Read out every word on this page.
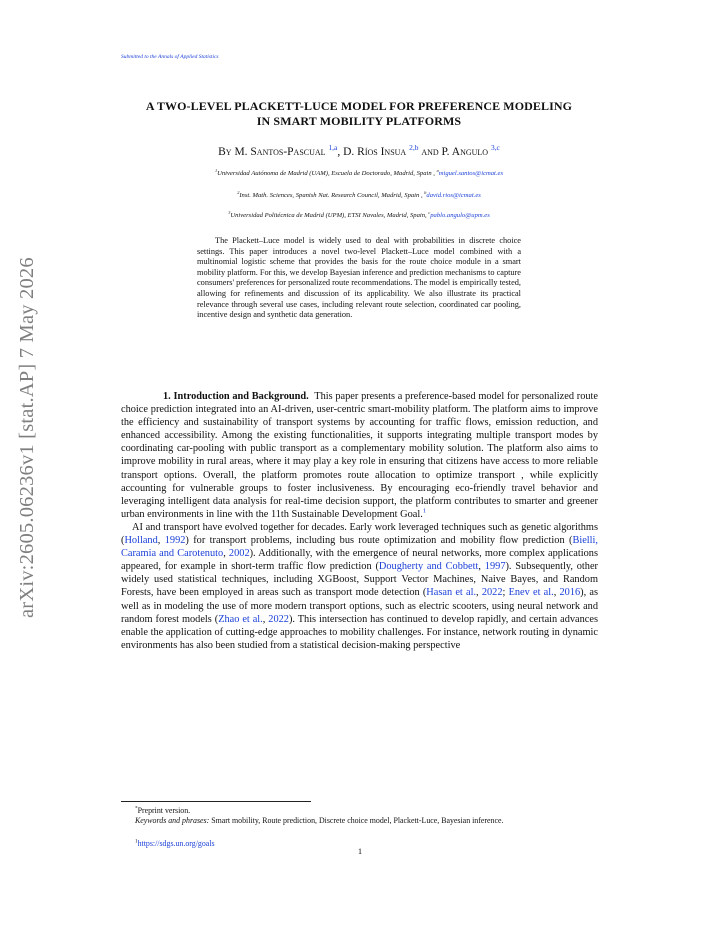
arXiv:2605.06236v1 [stat.AP] 7 May 2026
Submitted to the Annals of Applied Statistics
A TWO-LEVEL PLACKETT-LUCE MODEL FOR PREFERENCE MODELING
IN SMART MOBILITY PLATFORMS
By M. Santos-Pascual $^{1,a}$, D. Ríos Insua $^{2,b}$ and P. Angulo $^{3,c}$
$^1$Universidad Autónoma de Madrid (UAM), Escuela de Doctorado, Madrid, Spain , $^a$miguel.santos@icmat.es
$^2$Inst. Math. Sciences, Spanish Nat. Research Council, Madrid, Spain , $^b$david.rios@icmat.es
$^3$Universidad Politécnica de Madrid (UPM), ETSI Navales, Madrid, Spain, $^c$pablo.angulo@upm.es

The Plackett–Luce model is widely used to deal with probabilities in discrete choice settings. This paper introduces a novel two-level Plackett–Luce model combined with a multinomial logistic scheme that provides the basis for the route choice module in a smart mobility platform. For this, we develop Bayesian inference and prediction mechanisms to capture consumers' preferences for personalized route recommendations. The model is empirically tested, allowing for refinements and discussion of its applicability. We also illustrate its practical relevance through several use cases, including relevant route selection, coordinated car pooling, incentive design and synthetic data generation.

1. Introduction and Background. This paper presents a preference-based model for personalized route choice prediction integrated into an AI-driven, user-centric smart-mobility platform. The platform aims to improve the efficiency and sustainability of transport systems by accounting for traffic flows, emission reduction, and enhanced accessibility. Among the existing functionalities, it supports integrating multiple transport modes by coordinating car-pooling with public transport as a complementary mobility solution. The platform also aims to improve mobility in rural areas, where it may play a key role in ensuring that citizens have access to more reliable transport options. Overall, the platform promotes route allocation to optimize transport , while explicitly accounting for vulnerable groups to foster inclusiveness. By encouraging eco-friendly travel behavior and leveraging intelligent data analysis for real-time decision support, the platform contributes to smarter and greener urban environments in line with the 11th Sustainable Development Goal.$^1$

AI and transport have evolved together for decades. Early work leveraged techniques such as genetic algorithms (Holland, 1992) for transport problems, including bus route optimization and mobility flow prediction (Bielli, Caramia and Carotenuto, 2002). Additionally, with the emergence of neural networks, more complex applications appeared, for example in short-term traffic flow prediction (Dougherty and Cobbett, 1997). Subsequently, other widely used statistical techniques, including XGBoost, Support Vector Machines, Naive Bayes, and Random Forests, have been employed in areas such as transport mode detection (Hasan et al., 2022; Enev et al., 2016), as well as in modeling the use of more modern transport options, such as electric scooters, using neural network and random forest models (Zhao et al., 2022). This intersection has continued to develop rapidly, and certain advances enable the application of cutting-edge approaches to mobility challenges. For instance, network routing in dynamic environments has also been studied from a statistical decision-making perspective

*Preprint version.
Keywords and phrases: Smart mobility, Route prediction, Discrete choice model, Plackett-Luce, Bayesian inference.
$^1$https://sdgs.un.org/goals
1
